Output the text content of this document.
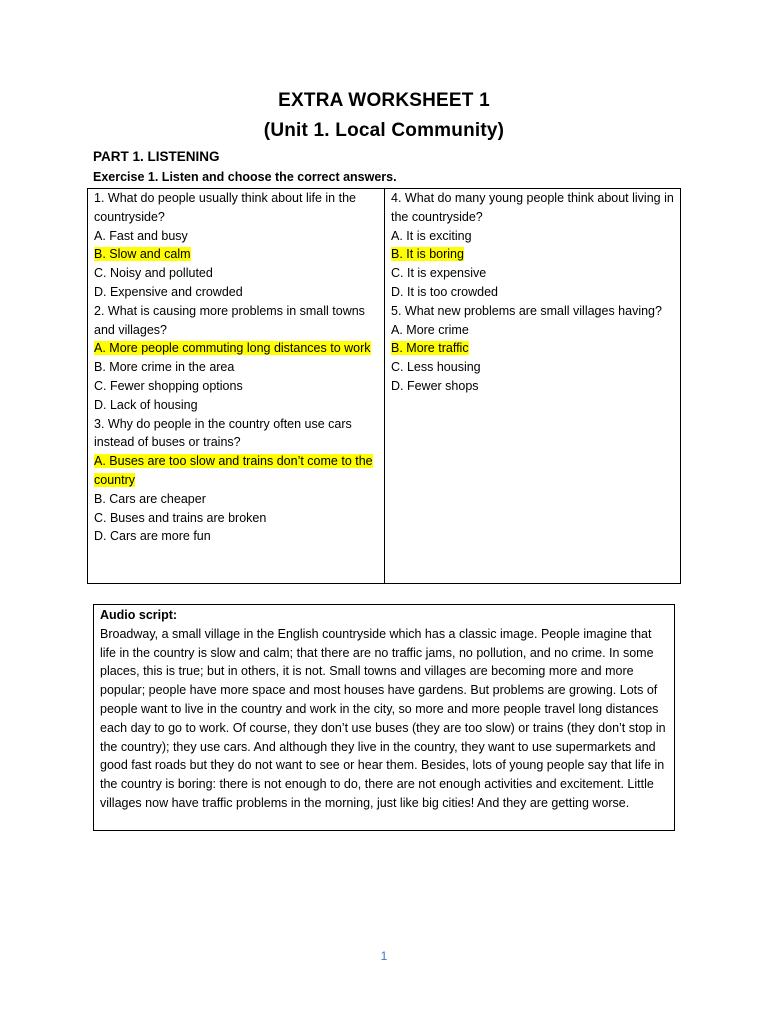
EXTRA WORKSHEET 1
(Unit 1. Local Community)
PART 1. LISTENING
Exercise 1. Listen and choose the correct answers.
1. What do people usually think about life in the countryside?
A. Fast and busy
B. Slow and calm
C. Noisy and polluted
D. Expensive and crowded
2. What is causing more problems in small towns and villages?
A. More people commuting long distances to work
B. More crime in the area
C. Fewer shopping options
D. Lack of housing
3. Why do people in the country often use cars instead of buses or trains?
A. Buses are too slow and trains don’t come to the country
B. Cars are cheaper
C. Buses and trains are broken
D. Cars are more fun
4. What do many young people think about living in the countryside?
A. It is exciting
B. It is boring
C. It is expensive
D. It is too crowded
5. What new problems are small villages having?
A. More crime
B. More traffic
C. Less housing
D. Fewer shops
Audio script:
Broadway, a small village in the English countryside which has a classic image. People imagine that life in the country is slow and calm; that there are no traffic jams, no pollution, and no crime. In some places, this is true; but in others, it is not. Small towns and villages are becoming more and more popular; people have more space and most houses have gardens. But problems are growing. Lots of people want to live in the country and work in the city, so more and more people travel long distances each day to go to work. Of course, they don’t use buses (they are too slow) or trains (they don’t stop in the country); they use cars. And although they live in the country, they want to use supermarkets and good fast roads but they do not want to see or hear them. Besides, lots of young people say that life in the country is boring: there is not enough to do, there are not enough activities and excitement. Little villages now have traffic problems in the morning, just like big cities! And they are getting worse.
1
